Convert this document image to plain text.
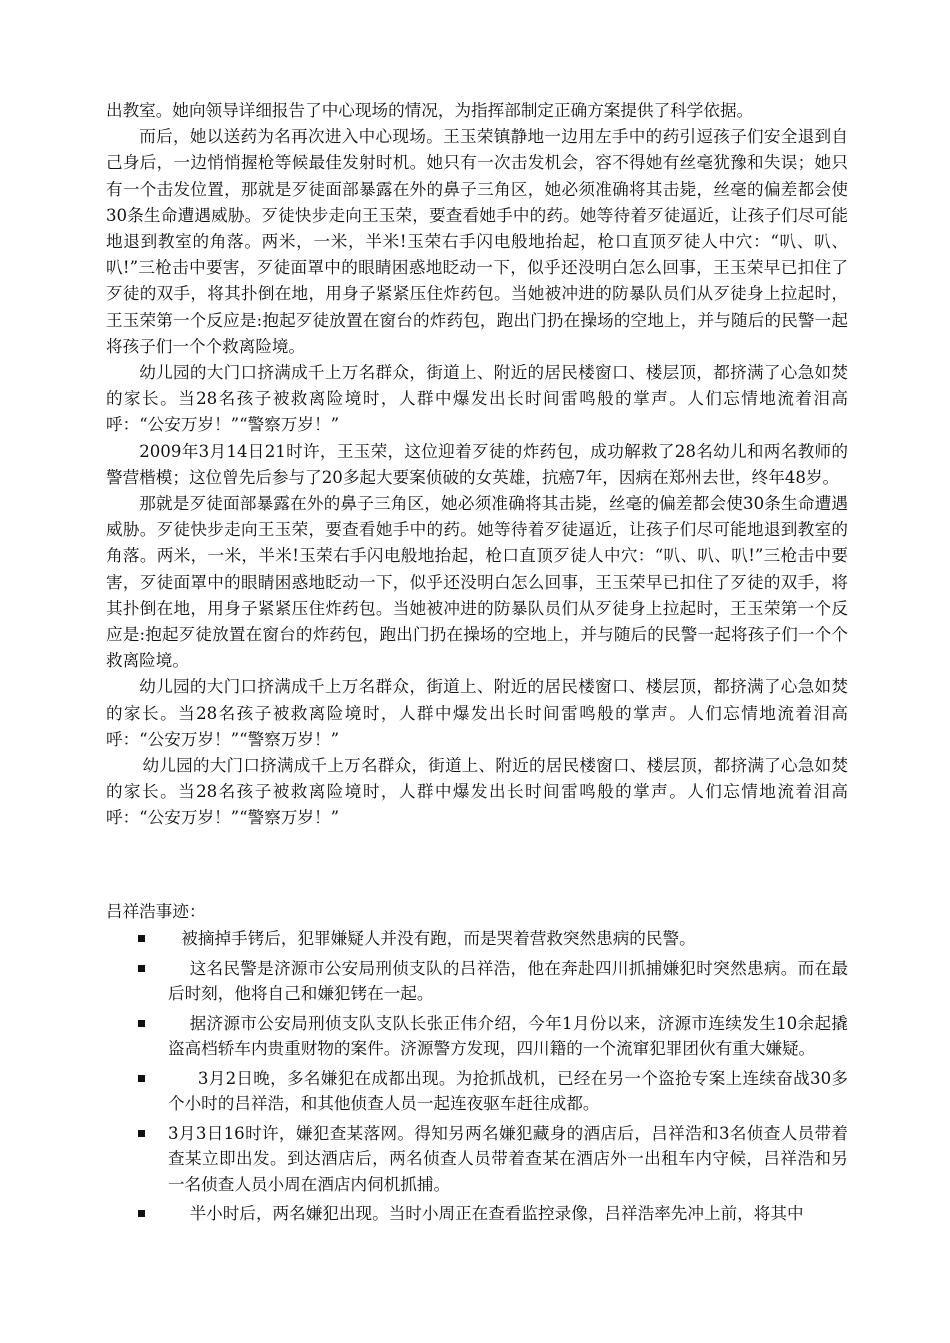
出教室。她向领导详细报告了中心现场的情况，为指挥部制定正确方案提供了科学依据。

而后，她以送药为名再次进入中心现场。王玉荣镇静地一边用左手中的药引逗孩子们安全退到自己身后，一边悄悄握枪等候最佳发射时机。她只有一次击发机会，容不得她有丝毫犹豫和失误；她只有一个击发位置，那就是歹徒面部暴露在外的鼻子三角区，她必须准确将其击毙，丝毫的偏差都会使30条生命遭遇威胁。歹徒快步走向王玉荣，要查看她手中的药。她等待着歹徒逼近，让孩子们尽可能地退到教室的角落。两米，一米，半米!玉荣右手闪电般地抬起，枪口直顶歹徒人中穴：“叭、叭、叭!”三枪击中要害，歹徒面罩中的眼睛困惑地眨动一下，似乎还没明白怎么回事，王玉荣早已扣住了歹徒的双手，将其扑倒在地，用身子紧紧压住炸药包。当她被冲进的防暴队员们从歹徒身上拉起时，王玉荣第一个反应是:抱起歹徒放置在窗台的炸药包，跑出门扔在操场的空地上，并与随后的民警一起将孩子们一个个救离险境。

幼儿园的大门口挤满成千上万名群众，街道上、附近的居民楼窗口、楼层顶，都挤满了心急如焚的家长。当28名孩子被救离险境时，人群中爆发出长时间雷鸣般的掌声。人们忘情地流着泪高呼：“公安万岁！”“警察万岁！”

2009年3月14日21时许，王玉荣，这位迎着歹徒的炸药包，成功解救了28名幼儿和两名教师的警营楷模；这位曾先后参与了20多起大要案侦破的女英雄，抗癌7年，因病在郑州去世，终年48岁。

那就是歹徒面部暴露在外的鼻子三角区，她必须准确将其击毙，丝毫的偏差都会使30条生命遭遇威胁。歹徒快步走向王玉荣，要查看她手中的药。她等待着歹徒逼近，让孩子们尽可能地退到教室的角落。两米，一米，半米!玉荣右手闪电般地抬起，枪口直顶歹徒人中穴：“叭、叭、叭!”三枪击中要害，歹徒面罩中的眼睛困惑地眨动一下，似乎还没明白怎么回事，王玉荣早已扣住了歹徒的双手，将其扑倒在地，用身子紧紧压住炸药包。当她被冲进的防暴队员们从歹徒身上拉起时，王玉荣第一个反应是:抱起歹徒放置在窗台的炸药包，跑出门扔在操场的空地上，并与随后的民警一起将孩子们一个个救离险境。

幼儿园的大门口挤满成千上万名群众，街道上、附近的居民楼窗口、楼层顶，都挤满了心急如焚的家长。当28名孩子被救离险境时，人群中爆发出长时间雷鸣般的掌声。人们忘情地流着泪高呼：“公安万岁！”“警察万岁！”

幼儿园的大门口挤满成千上万名群众，街道上、附近的居民楼窗口、楼层顶，都挤满了心急如焚的家长。当28名孩子被救离险境时，人群中爆发出长时间雷鸣般的掌声。人们忘情地流着泪高呼：“公安万岁！”“警察万岁！”

吕祥浩事迹：
被摘掉手铐后，犯罪嫌疑人并没有跑，而是哭着营救突然患病的民警。
这名民警是济源市公安局刑侦支队的吕祥浩，他在奔赴四川抓捕嫌犯时突然患病。而在最后时刻，他将自己和嫌犯铐在一起。
据济源市公安局刑侦支队支队长张正伟介绍，今年1月份以来，济源市连续发生10余起撬盗高档轿车内贵重财物的案件。济源警方发现，四川籍的一个流窜犯罪团伙有重大嫌疑。
3月2日晚，多名嫌犯在成都出现。为抢抓战机，已经在另一个盗抢专案上连续奋战30多个小时的吕祥浩，和其他侦查人员一起连夜驱车赶往成都。
3月3日16时许，嫌犯查某落网。得知另两名嫌犯藏身的酒店后，吕祥浩和3名侦查人员带着查某立即出发。到达酒店后，两名侦查人员带着查某在酒店外一出租车内守候，吕祥浩和另一名侦查人员小周在酒店内伺机抓捕。
半小时后，两名嫌犯出现。当时小周正在查看监控录像，吕祥浩率先冲上前，将其中
